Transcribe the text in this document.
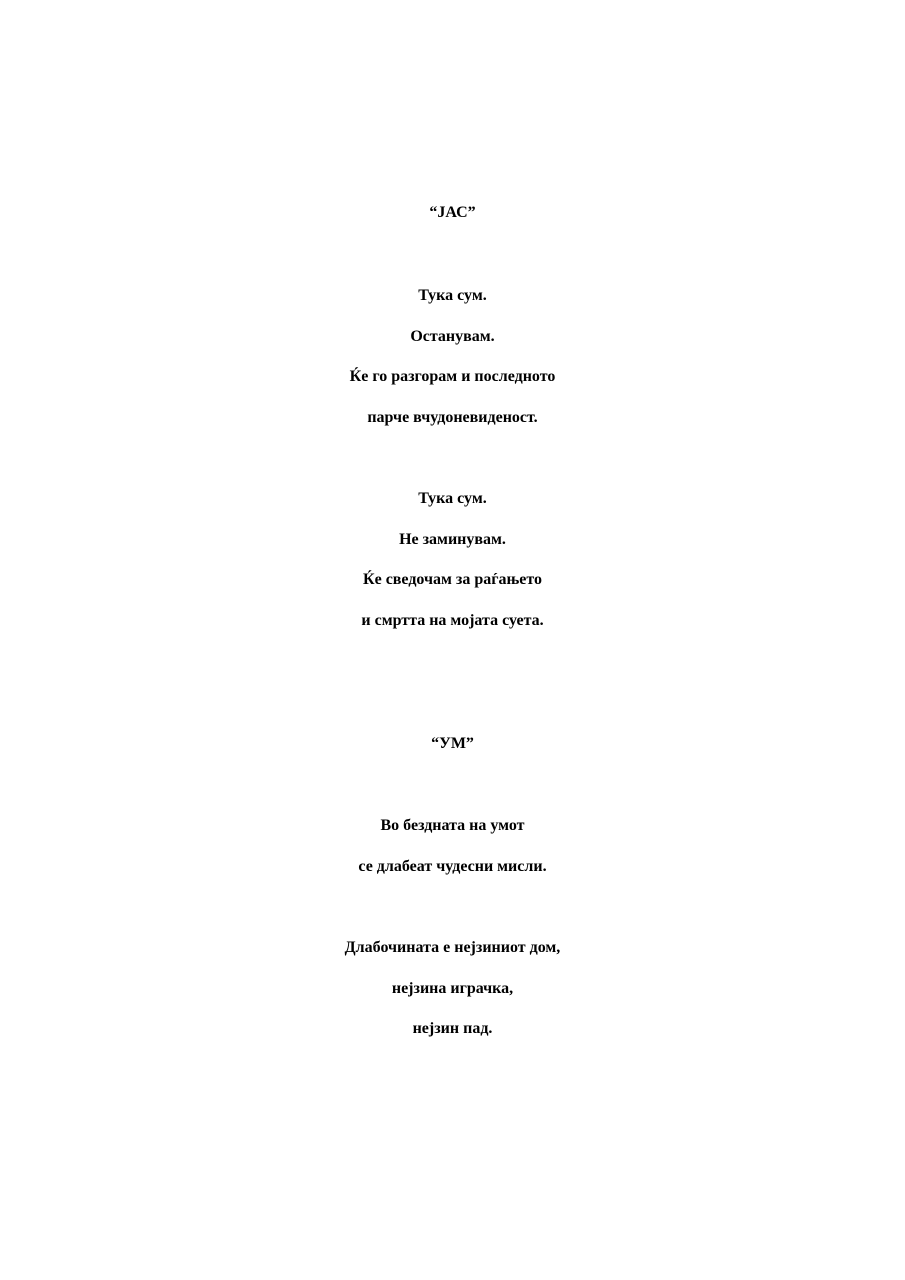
“ЈАС”
Тука сум.
Останувам.
Ќе го разгорам и последното
парче вчудоневиденост.
Тука сум.
Не заминувам.
Ќе сведочам за раѓањето
и смртта на мојата суета.
“УМ”
Во бездната на умот
се длабеат чудесни мисли.
Длабочината е нејзиниот дом,
нејзина играчка,
нејзин пад.
